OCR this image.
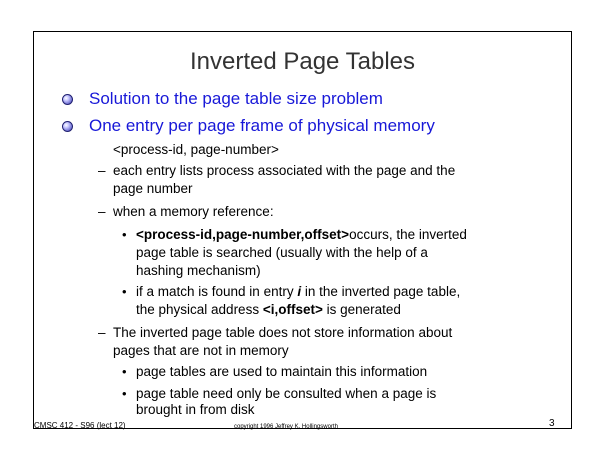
Inverted Page Tables
Solution to the page table size problem
One entry per page frame of physical memory
<process-id, page-number>
– each entry lists process associated with the page and the
page number
– when a memory reference:
• <process-id,page-number,offset>occurs, the inverted
page table is searched (usually with the help of a
hashing mechanism)
• if a match is found in entry i in the inverted page table,
the physical address <i,offset> is generated
– The inverted page table does not store information about
pages that are not in memory
• page tables are used to maintain this information
• page table need only be consulted when a page is
brought in from disk
CMSC 412 - S96 (lect 12)	copyright 1996 Jeffrey K. Hollingsworth	3
